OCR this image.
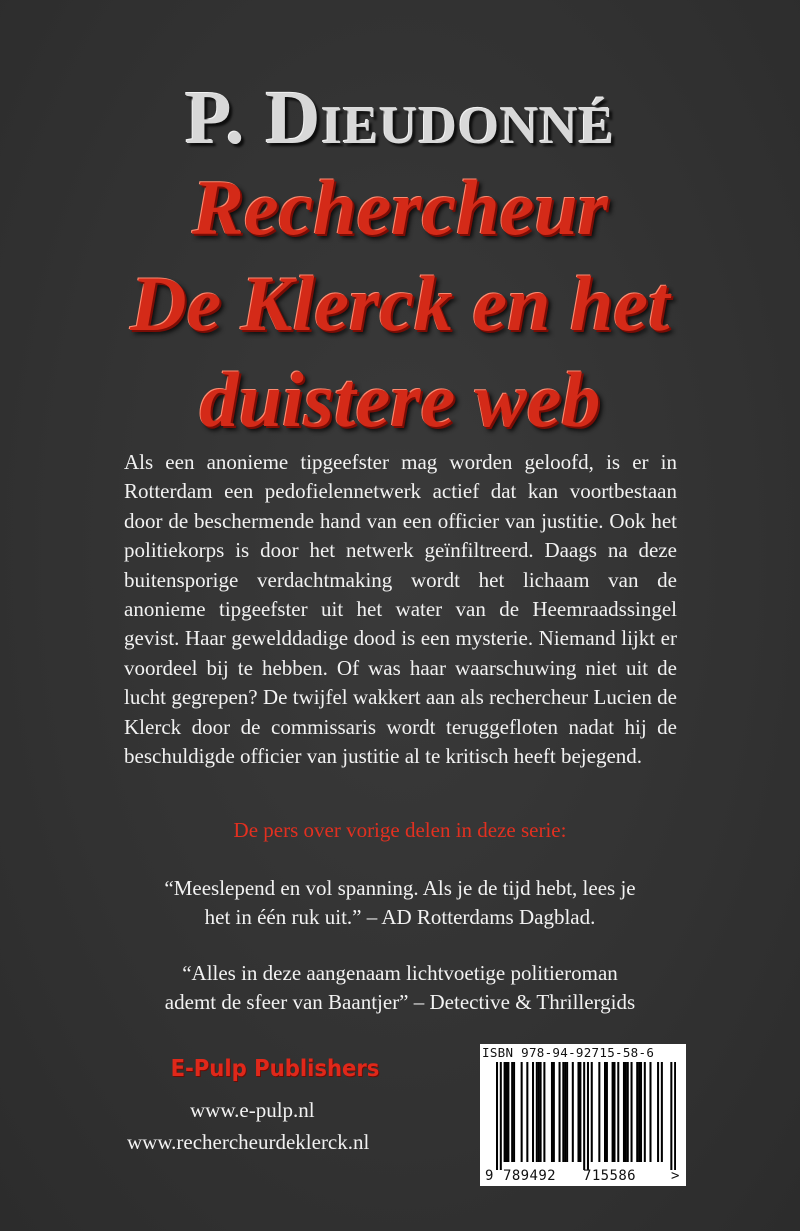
P. Dieudonné
Rechercheur
De Klerck en het
duistere web

Als een anonieme tipgeefster mag worden geloofd, is er in Rotterdam een pedofielennetwerk actief dat kan voortbestaan door de beschermende hand van een officier van justitie. Ook het politiekorps is door het netwerk geïnfiltreerd. Daags na deze buitensporige verdachtmaking wordt het lichaam van de anonieme tipgeefster uit het water van de Heemraadssingel gevist. Haar gewelddadige dood is een mysterie. Niemand lijkt er voordeel bij te hebben. Of was haar waarschuwing niet uit de lucht gegrepen? De twijfel wakkert aan als rechercheur Lucien de Klerck door de commissaris wordt teruggefloten nadat hij de beschuldigde officier van justitie al te kritisch heeft bejegend.

De pers over vorige delen in deze serie:
“Meeslepend en vol spanning. Als je de tijd hebt, lees je
het in één ruk uit.” – AD Rotterdams Dagblad.
“Alles in deze aangenaam lichtvoetige politieroman
ademt de sfeer van Baantjer” – Detective & Thrillergids
E-Pulp Publishers
www.e-pulp.nl
www.rechercheurdeklerck.nl
ISBN 978-94-92715-58-6
9 789492 715586	>
